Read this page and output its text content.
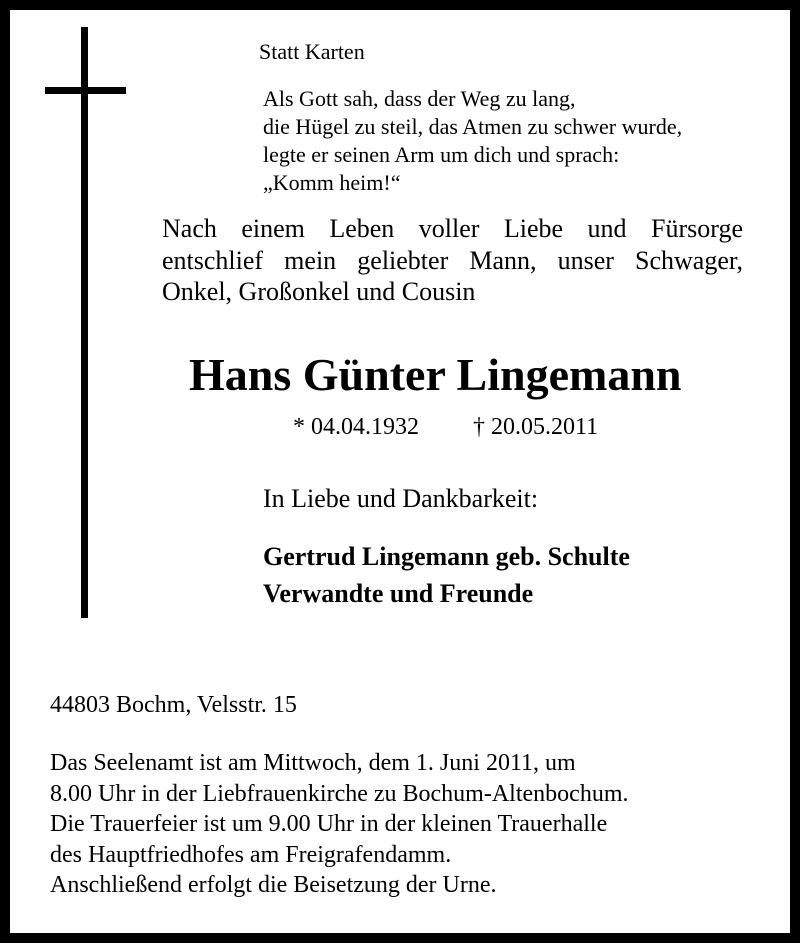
Statt Karten

Als Gott sah, dass der Weg zu lang,
die Hügel zu steil, das Atmen zu schwer wurde,
legte er seinen Arm um dich und sprach:
„Komm heim!“
Nach einem Leben voller Liebe und Fürsorge
entschlief mein geliebter Mann, unser Schwager,
Onkel, Großonkel und Cousin

Hans Günter Lingemann

* 04.04.1932 † 20.05.2011

In Liebe und Dankbarkeit:

Gertrud Lingemann geb. Schulte

Verwandte und Freunde

44803 Bochm, Velsstr. 15

Das Seelenamt ist am Mittwoch, dem 1. Juni 2011, um
8.00 Uhr in der Liebfrauenkirche zu Bochum-Altenbochum.
Die Trauerfeier ist um 9.00 Uhr in der kleinen Trauerhalle
des Hauptfriedhofes am Freigrafendamm.
Anschließend erfolgt die Beisetzung der Urne.
